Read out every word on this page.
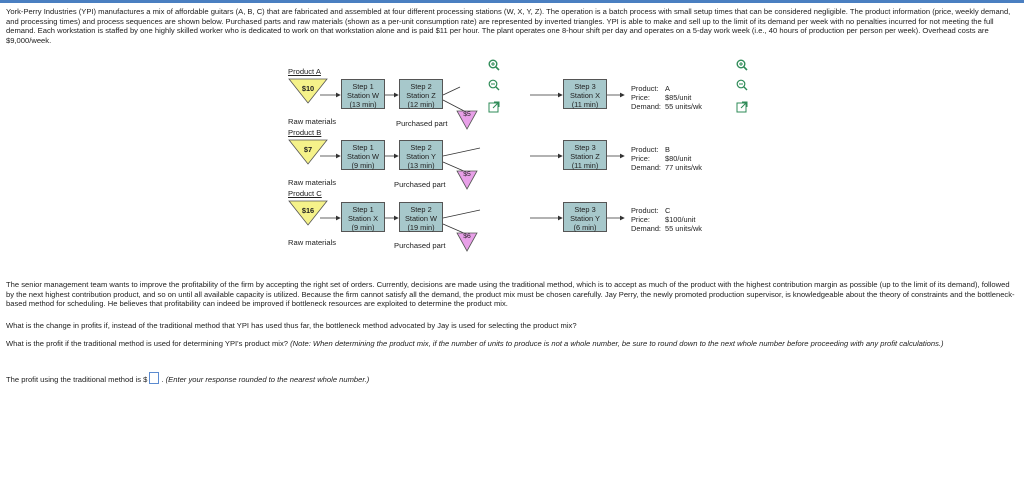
York-Perry Industries (YPI) manufactures a mix of affordable guitars (A, B, C) that are fabricated and assembled at four different processing stations (W, X, Y, Z). The operation is a batch process with small setup times that can be considered negligible. The product information (price, weekly demand, and processing times) and process sequences are shown below. Purchased parts and raw materials (shown as a per-unit consumption rate) are represented by inverted triangles. YPI is able to make and sell up to the limit of its demand per week with no penalties incurred for not meeting the full demand. Each workstation is staffed by one highly skilled worker who is dedicated to work on that workstation alone and is paid $11 per hour. The plant operates one 8-hour shift per day and operates on a 5-day work week (i.e., 40 hours of production per person per week). Overhead costs are $9,000/week.
Product A
$10	Step 1
Station W
(13 min)
Step 2
Station Z
(12 min)
$5
Raw materials	Purchased part
Step 3
Station X
(11 min)
Product: A
Price: $85/unit
Demand: 55 units/wk
Product B
$7	Step 1
Station W
(9 min)
Step 2
Station Y
(13 min)
$5
Raw materials	Purchased part
Step 3
Station Z
(11 min)
Product: B
Price: $80/unit
Demand: 77 units/wk
Product C
$16	Step 1
Station X
(9 min)
Step 2
Station W
(19 min)
$6
Raw materials	Purchased part
Step 3
Station Y
(6 min)
Product: C
Price: $100/unit
Demand: 55 units/wk
The senior management team wants to improve the profitability of the firm by accepting the right set of orders. Currently, decisions are made using the traditional method, which is to accept as much of the product with the highest contribution margin as possible (up to the limit of its demand), followed by the next highest contribution product, and so on until all available capacity is utilized. Because the firm cannot satisfy all the demand, the product mix must be chosen carefully. Jay Perry, the newly promoted production supervisor, is knowledgeable about the theory of constraints and the bottleneck-based method for scheduling. He believes that profitability can indeed be improved if bottleneck resources are exploited to determine the product mix.
What is the change in profits if, instead of the traditional method that YPI has used thus far, the bottleneck method advocated by Jay is used for selecting the product mix?
What is the profit if the traditional method is used for determining YPI's product mix? (Note: When determining the product mix, if the number of units to produce is not a whole number, be sure to round down to the next whole number before proceeding with any profit calculations.)
The profit using the traditional method is $ . (Enter your response rounded to the nearest whole number.)
